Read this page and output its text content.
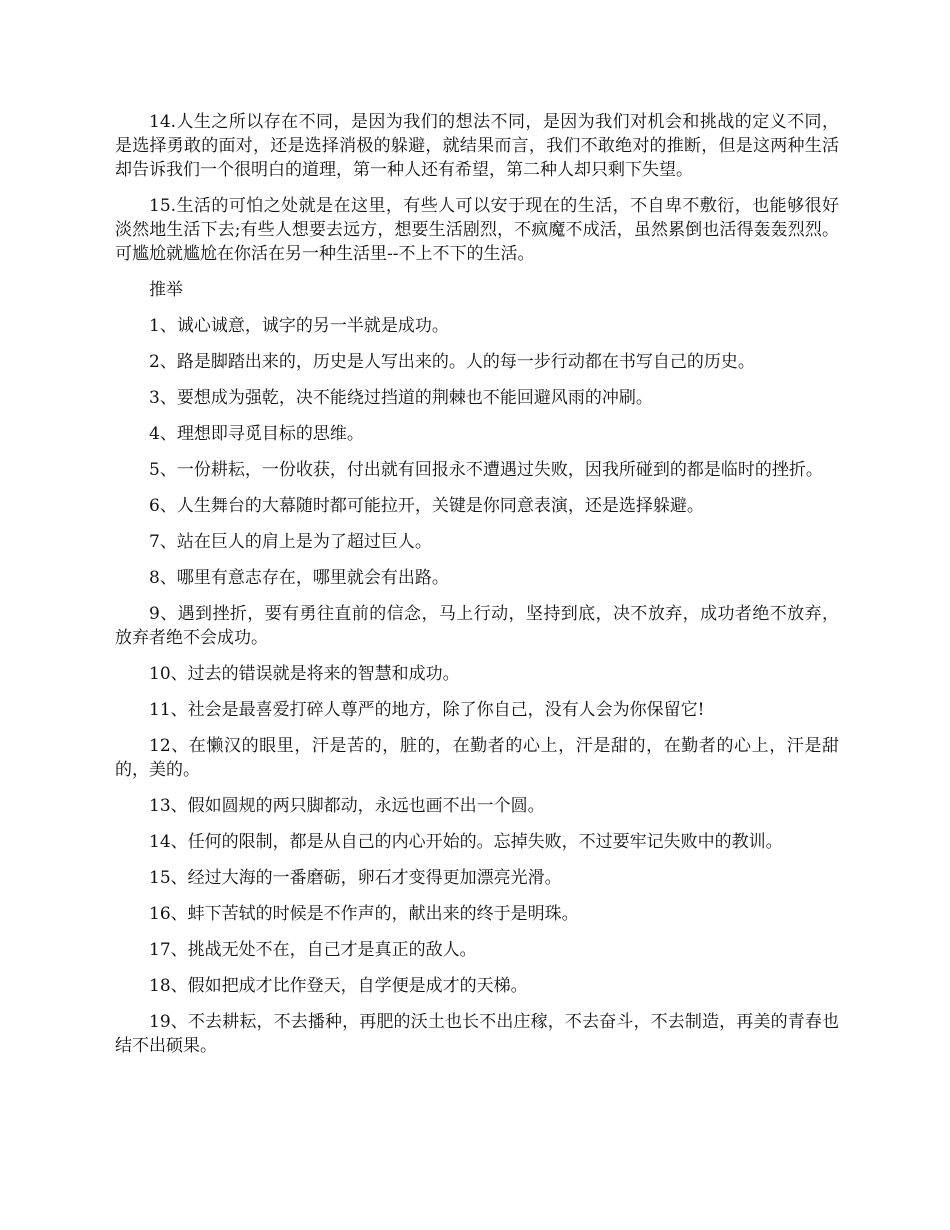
14.人生之所以存在不同，是因为我们的想法不同，是因为我们对机会和挑战的定义不同，是选择勇敢的面对，还是选择消极的躲避，就结果而言，我们不敢绝对的推断，但是这两种生活却告诉我们一个很明白的道理，第一种人还有希望，第二种人却只剩下失望。

15.生活的可怕之处就是在这里，有些人可以安于现在的生活，不自卑不敷衍，也能够很好淡然地生活下去;有些人想要去远方，想要生活剧烈，不疯魔不成活，虽然累倒也活得轰轰烈烈。可尴尬就尴尬在你活在另一种生活里--不上不下的生活。

推举

1、诚心诚意，诚字的另一半就是成功。

2、路是脚踏出来的，历史是人写出来的。人的每一步行动都在书写自己的历史。

3、要想成为强乾，决不能绕过挡道的荆棘也不能回避风雨的冲刷。

4、理想即寻觅目标的思维。

5、一份耕耘，一份收获，付出就有回报永不遭遇过失败，因我所碰到的都是临时的挫折。

6、人生舞台的大幕随时都可能拉开，关键是你同意表演，还是选择躲避。

7、站在巨人的肩上是为了超过巨人。

8、哪里有意志存在，哪里就会有出路。

9、遇到挫折，要有勇往直前的信念，马上行动，坚持到底，决不放弃，成功者绝不放弃，放弃者绝不会成功。

10、过去的错误就是将来的智慧和成功。

11、社会是最喜爱打碎人尊严的地方，除了你自己，没有人会为你保留它!

12、在懒汉的眼里，汗是苦的，脏的，在勤者的心上，汗是甜的，在勤者的心上，汗是甜的，美的。

13、假如圆规的两只脚都动，永远也画不出一个圆。

14、任何的限制，都是从自己的内心开始的。忘掉失败，不过要牢记失败中的教训。

15、经过大海的一番磨砺，卵石才变得更加漂亮光滑。

16、蚌下苦轼的时候是不作声的，献出来的终于是明珠。

17、挑战无处不在，自己才是真正的敌人。

18、假如把成才比作登天，自学便是成才的天梯。

19、不去耕耘，不去播种，再肥的沃土也长不出庄稼，不去奋斗，不去制造，再美的青春也结不出硕果。
